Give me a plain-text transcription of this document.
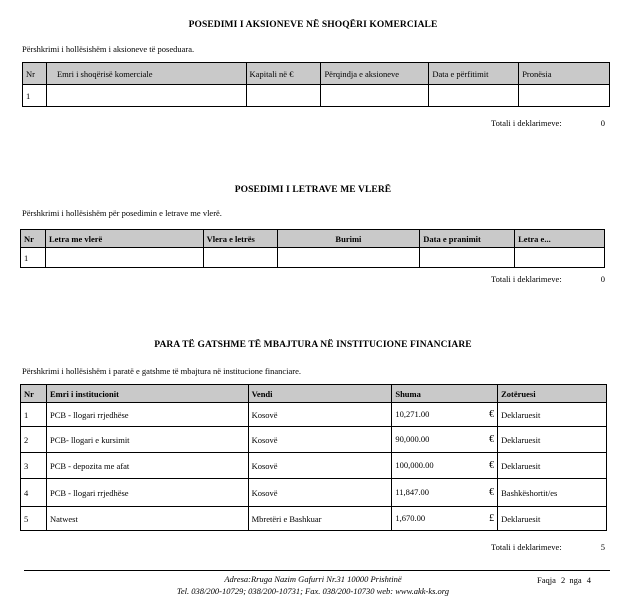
POSEDIMI I AKSIONEVE NË SHOQËRI KOMERCIALE
Përshkrimi i hollësishëm i aksioneve të poseduara.
Nr	Emri i shoqërisë komerciale	Kapitali në €	Përqindja e aksioneve	Data e përfitimit	Pronësia
1					
Totali i deklarimeve:	0
POSEDIMI I LETRAVE ME VLERË
Përshkrimi i hollësishëm për posedimin e letrave me vlerë.
Nr	Letra me vlerë	Vlera e letrës	Burimi	Data e pranimit	Letra e...
1					
Totali i deklarimeve:	0
PARA TË GATSHME TË MBAJTURA NË INSTITUCIONE FINANCIARE
Përshkrimi i hollësishëm i paratë e gatshme të mbajtura në institucione financiare.
Nr	Emri i institucionit	Vendi	Shuma	Zotëruesi
1	PCB - llogari rrjedhëse	Kosovë	10,271.00 €	Deklaruesit
2	PCB- llogari e kursimit	Kosovë	90,000.00 €	Deklaruesit
3	PCB - depozita me afat	Kosovë	100,000.00 €	Deklaruesit
4	PCB - llogari rrjedhëse	Kosovë	11,847.00 €	Bashkëshortit/es
5	Natwest	Mbretëri e Bashkuar	1,670.00 £	Deklaruesit
Totali i deklarimeve:	5
Adresa:Rruga Nazim Gafurri Nr.31 10000 Prishtinë
Tel. 038/200-10729; 038/200-10731; Fax. 038/200-10730 web: www.akk-ks.org
Faqja 2 nga 4
